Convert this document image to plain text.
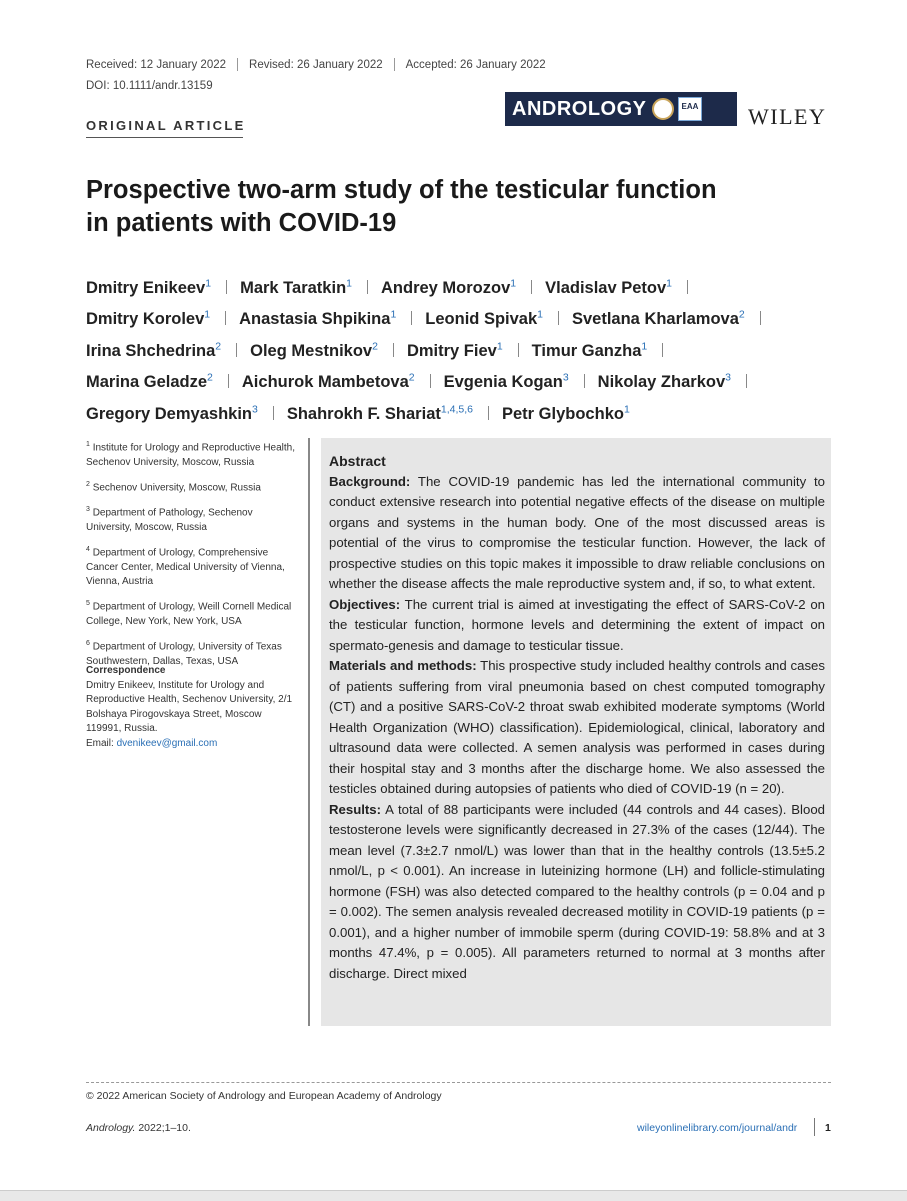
Received: 12 January 2022 Revised: 26 January 2022 Accepted: 26 January 2022
DOI: 10.1111/andr.13159
ANDROLOGY	EAA WILEY
ORIGINAL ARTICLE
Prospective two-arm study of the testicular function
in patients with COVID-19
Dmitry Enikeev$^1$ Mark Taratkin$^1$ Andrey Morozov$^1$ Vladislav Petov$^1$
Dmitry Korolev$^1$ Anastasia Shpikina$^1$ Leonid Spivak$^1$ Svetlana Kharlamova$^2$
Irina Shchedrina$^2$ Oleg Mestnikov$^2$ Dmitry Fiev$^1$ Timur Ganzha$^1$
Marina Geladze$^2$ Aichurok Mambetova$^2$ Evgenia Kogan$^3$ Nikolay Zharkov$^3$
Gregory Demyashkin$^3$ Shahrokh F. Shariat$^{1,4,5,6}$ Petr Glybochko$^1$
$^1$ Institute for Urology and Reproductive Health, Sechenov University, Moscow, Russia
$^2$ Sechenov University, Moscow, Russia
$^3$ Department of Pathology, Sechenov University, Moscow, Russia
$^4$ Department of Urology, Comprehensive Cancer Center, Medical University of Vienna, Vienna, Austria
$^5$ Department of Urology, Weill Cornell Medical College, New York, New York, USA
$^6$ Department of Urology, University of Texas Southwestern, Dallas, Texas, USA
Correspondence
Dmitry Enikeev, Institute for Urology and Reproductive Health, Sechenov University, 2/1 Bolshaya Pirogovskaya Street, Moscow 119991, Russia.
Email: dvenikeev@gmail.com
Abstract

Background: The COVID-19 pandemic has led the international community to conduct extensive research into potential negative effects of the disease on multiple organs and systems in the human body. One of the most discussed areas is potential of the virus to compromise the testicular function. However, the lack of prospective studies on this topic makes it impossible to draw reliable conclusions on whether the disease affects the male reproductive system and, if so, to what extent.

Objectives: The current trial is aimed at investigating the effect of SARS-CoV-2 on the testicular function, hormone levels and determining the extent of impact on spermato-genesis and damage to testicular tissue.

Materials and methods: This prospective study included healthy controls and cases of patients suffering from viral pneumonia based on chest computed tomography (CT) and a positive SARS-CoV-2 throat swab exhibited moderate symptoms (World Health Organization (WHO) classification). Epidemiological, clinical, laboratory and ultrasound data were collected. A semen analysis was performed in cases during their hospital stay and 3 months after the discharge home. We also assessed the testicles obtained during autopsies of patients who died of COVID-19 (n = 20).

Results: A total of 88 participants were included (44 controls and 44 cases). Blood testosterone levels were significantly decreased in 27.3% of the cases (12/44). The mean level (7.3±2.7 nmol/L) was lower than that in the healthy controls (13.5±5.2 nmol/L, p < 0.001). An increase in luteinizing hormone (LH) and follicle-stimulating hormone (FSH) was also detected compared to the healthy controls (p = 0.04 and p = 0.002). The semen analysis revealed decreased motility in COVID-19 patients (p = 0.001), and a higher number of immobile sperm (during COVID-19: 58.8% and at 3 months 47.4%, p = 0.005). All parameters returned to normal at 3 months after discharge. Direct mixed

© 2022 American Society of Andrology and European Academy of Andrology
Andrology. 2022;1–10.	wileyonlinelibrary.com/journal/andr	1
